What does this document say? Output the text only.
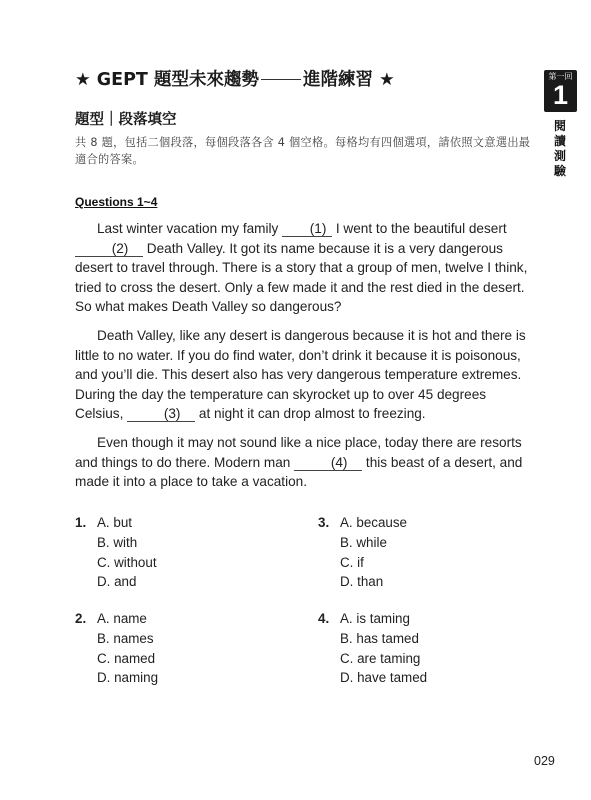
★ GEPT 題型未來趨勢	進階練習 ★	第一回
1
閱
讀
測
驗
題型｜段落填空
共 8 題，包括二個段落，每個段落各含 4 個空格。每格均有四個選項，請依照文意選出最適合的答案。
Questions 1~4

Last winter vacation my family (1) I went to the beautiful desert (2) Death Valley. It got its name because it is a very dangerous desert to travel through. There is a story that a group of men, twelve I think, tried to cross the desert. Only a few made it and the rest died in the desert. So what makes Death Valley so dangerous?

Death Valley, like any desert is dangerous because it is hot and there is little to no water. If you do find water, don’t drink it because it is poisonous, and you’ll die. This desert also has very dangerous temperature extremes. During the day the temperature can skyrocket up to over 45 degrees Celsius,	(3) at night it can drop almost to freezing.

Even though it may not sound like a nice place, today there are resorts and things to do there. Modern man	(4) this beast of a desert, and made it into a place to take a vacation.

1. A. but
B. with
C. without
D. and
2. A. name
B. names
C. named
D. naming
3. A. because
B. while
C. if
D. than
4. A. is taming
B. has tamed
C. are taming
D. have tamed
029
